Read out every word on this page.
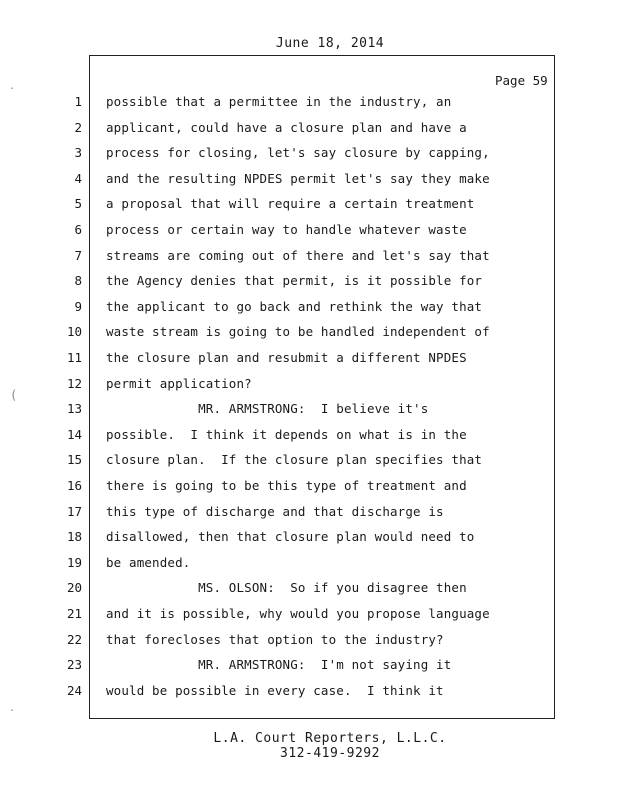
June 18, 2014
Page 59
1 possible that a permittee in the industry, an
2 applicant, could have a closure plan and have a
3 process for closing, let's say closure by capping,
4 and the resulting NPDES permit let's say they make
5 a proposal that will require a certain treatment
6 process or certain way to handle whatever waste
7 streams are coming out of there and let's say that
8 the Agency denies that permit, is it possible for
9 the applicant to go back and rethink the way that
10 waste stream is going to be handled independent of
11 the closure plan and resubmit a different NPDES
12 permit application?
13 MR. ARMSTRONG:  I believe it's
14 possible.  I think it depends on what is in the
15 closure plan.  If the closure plan specifies that
16 there is going to be this type of treatment and
17 this type of discharge and that discharge is
18 disallowed, then that closure plan would need to
19 be amended.
20 MS. OLSON:  So if you disagree then
21 and it is possible, why would you propose language
22 that forecloses that option to the industry?
23 MR. ARMSTRONG:  I'm not saying it
24 would be possible in every case.  I think it
L.A. Court Reporters, L.L.C.
312-419-9292
․
(
․
